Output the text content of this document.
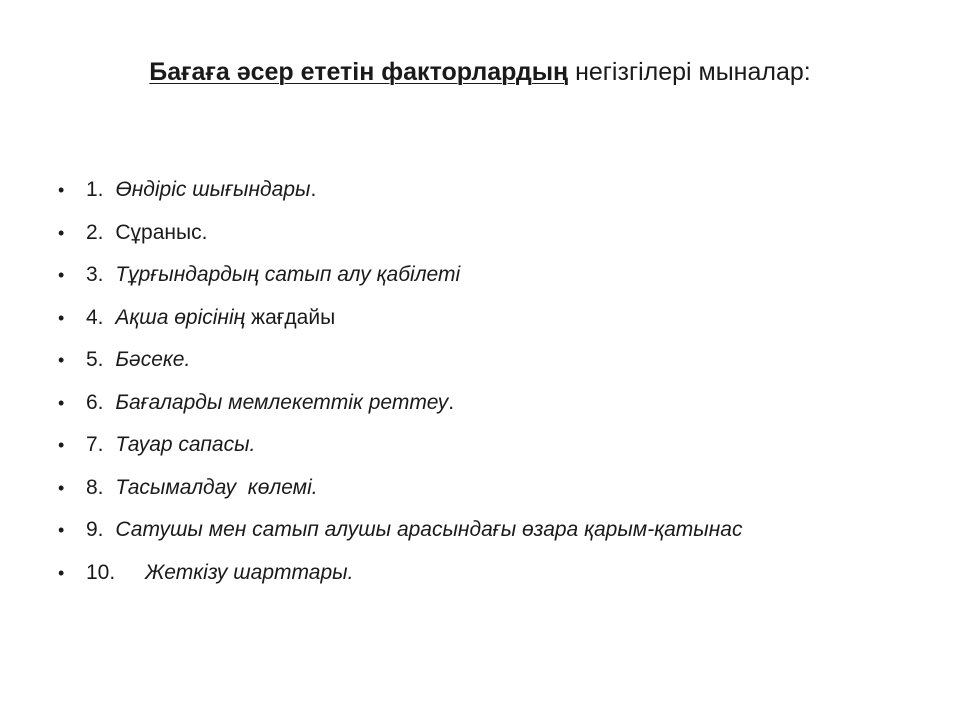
Бағаға әсер ететін факторлардың негізгілері мыналар:
• 1. Өндіріс шығындары.
• 2. Сұраныс.
• 3. Тұрғындардың сатып алу қабілеті
• 4. Ақша өрісінің жағдайы
• 5. Бәсеке.
• 6. Бағаларды мемлекеттік реттеу.
• 7. Тауар сапасы.
• 8. Тасымалдау  көлемі.
• 9. Сатушы мен сатып алушы арасындағы өзара қарым-қатынас
• 10. Жеткізу шарттары.
